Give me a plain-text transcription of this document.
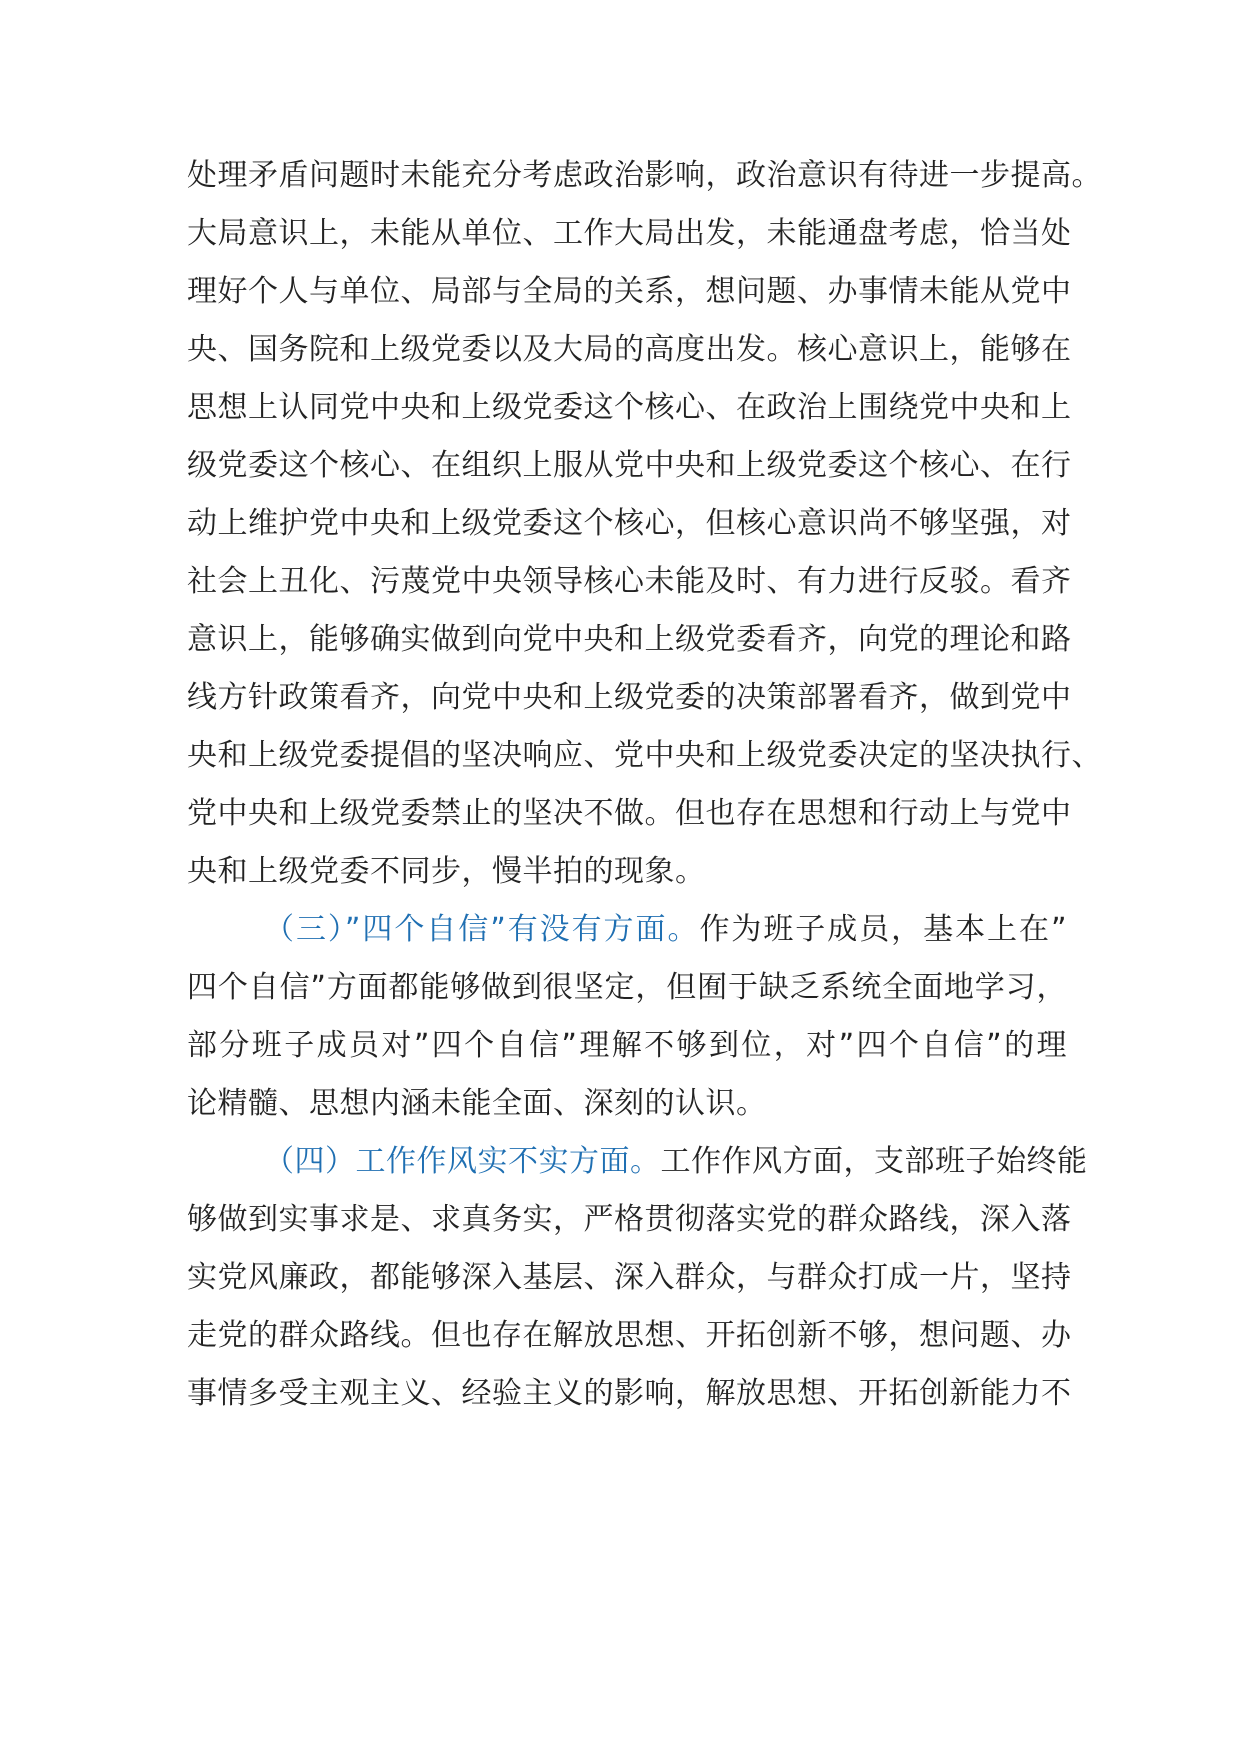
处理矛盾问题时未能充分考虑政治影响，政治意识有待进一步提高。
大局意识上，未能从单位、工作大局出发，未能通盘考虑，恰当处
理好个人与单位、局部与全局的关系，想问题、办事情未能从党中
央、国务院和上级党委以及大局的高度出发。核心意识上，能够在
思想上认同党中央和上级党委这个核心、在政治上围绕党中央和上
级党委这个核心、在组织上服从党中央和上级党委这个核心、在行
动上维护党中央和上级党委这个核心，但核心意识尚不够坚强，对
社会上丑化、污蔑党中央领导核心未能及时、有力进行反驳。看齐
意识上，能够确实做到向党中央和上级党委看齐，向党的理论和路
线方针政策看齐，向党中央和上级党委的决策部署看齐，做到党中
央和上级党委提倡的坚决响应、党中央和上级党委决定的坚决执行、
党中央和上级党委禁止的坚决不做。但也存在思想和行动上与党中
央和上级党委不同步，慢半拍的现象。
（三）”四个自信”有没有方面。作为班子成员，基本上在”
四个自信”方面都能够做到很坚定，但囿于缺乏系统全面地学习，
部分班子成员对”四个自信”理解不够到位，对”四个自信”的理
论精髓、思想内涵未能全面、深刻的认识。
（四）工作作风实不实方面。工作作风方面，支部班子始终能
够做到实事求是、求真务实，严格贯彻落实党的群众路线，深入落
实党风廉政，都能够深入基层、深入群众，与群众打成一片，坚持
走党的群众路线。但也存在解放思想、开拓创新不够，想问题、办
事情多受主观主义、经验主义的影响，解放思想、开拓创新能力不
